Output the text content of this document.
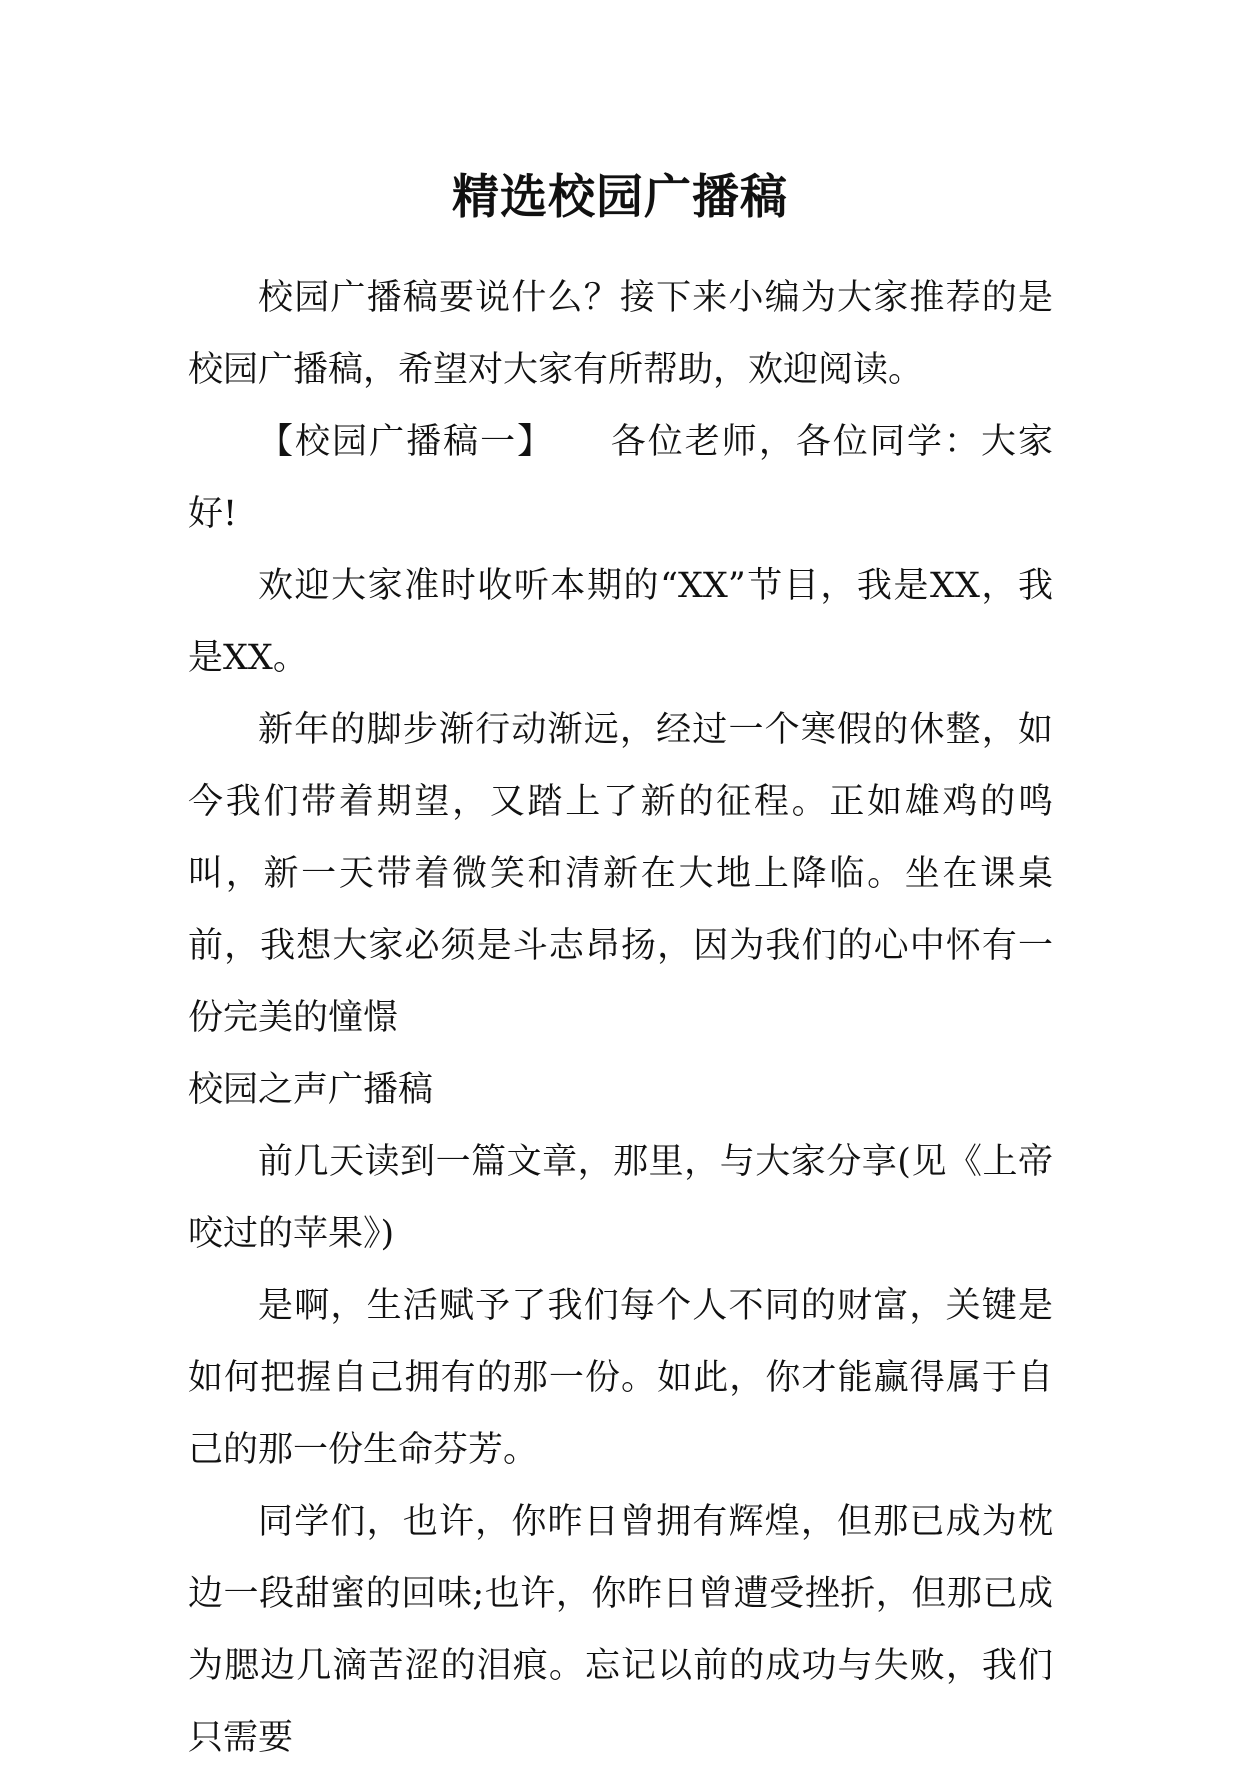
精选校园广播稿

校园广播稿要说什么？接下来小编为大家推荐的是校园广播稿，希望对大家有所帮助，欢迎阅读。

【校园广播稿一】　　各位老师，各位同学：大家好!

欢迎大家准时收听本期的“XX”节目，我是XX，我是XX。

新年的脚步渐行动渐远，经过一个寒假的休整，如今我们带着期望，又踏上了新的征程。正如雄鸡的鸣叫，新一天带着微笑和清新在大地上降临。坐在课桌前，我想大家必须是斗志昂扬，因为我们的心中怀有一份完美的憧憬

校园之声广播稿

前几天读到一篇文章，那里，与大家分享(见《上帝咬过的苹果》)

是啊，生活赋予了我们每个人不同的财富，关键是如何把握自己拥有的那一份。如此，你才能赢得属于自己的那一份生命芬芳。

同学们，也许，你昨日曾拥有辉煌，但那已成为枕边一段甜蜜的回味;也许，你昨日曾遭受挫折，但那已成为腮边几滴苦涩的泪痕。忘记以前的成功与失败，我们只需要
